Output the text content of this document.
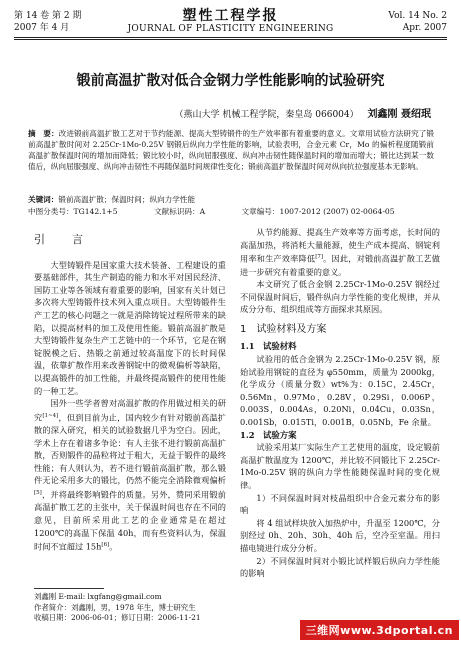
第 14 卷 第 2 期
2007 年 4 月
塑性工程学报
JOURNAL OF PLASTICITY ENGINEERING
Vol. 14 No. 2
Apr. 2007
锻前高温扩散对低合金钢力学性能影响的试验研究
（燕山大学 机械工程学院，秦皇岛 066004） 刘鑫刚 聂绍珉
摘　要：改进锻前高温扩散工艺对于节约能源、提高大型铸锻件的生产效率都有着重要的意义。文章用试验方法研究了锻前高温扩散时间对 2.25Cr-1Mo-0.25V 钢锻后纵向力学性能的影响，试验表明，合金元素 Cr，Mo 的偏析程度随锻前高温扩散保温时间的增加而降低；锻比较小时，纵向屈服强度、纵向冲击韧性随保温时间的增加而增大；锻比达到某一数值后，纵向屈服强度、纵向冲击韧性不再随保温时间规律性变化；锻前高温扩散保温时间对纵向抗拉强度基本无影响。
关键词：锻前高温扩散；保温时间；纵向力学性能
中图分类号：TG142.1+5	文献标识码：A	文章编号：1007-2012 (2007) 02-0064-05
引　言

大型铸锻件是国家重大技术装备、工程建设的重要基础部件，其生产制造的能力和水平对国民经济、国防工业等各领域有着重要的影响，国家有关计划已多次将大型铸锻件技术列入重点项目。大型铸锻件生产工艺的核心问题之一就是消除铸锭过程所带来的缺陷，以提高材料的加工及使用性能。锻前高温扩散是大型铸锻件复杂生产工艺链中的一个环节，它是在钢锭脱模之后、热锻之前通过较高温度下的长时间保温，依靠扩散作用来改善钢锭中的微观偏析等缺陷，以提高锻件的加工性能，并最终提高锻件的使用性能的一种工艺。

国外一些学者曾对高温扩散的作用做过相关的研究[1~4]，但到目前为止，国内较少有针对锻前高温扩散的深入研究，相关的试验数据几乎为空白。因此，学术上存在着诸多争论：有人主张不进行锻前高温扩散，否则锻件的晶粒将过于粗大，无益于锻件的最终性能；有人则认为，若不进行锻前高温扩散，那么锻件无论采用多大的锻比，仍然不能完全消除微观偏析[5]，并将最终影响锻件的质量。另外，赞同采用锻前高温扩散工艺的主张中，关于保温时间也存在不同的意见，目前所采用此工艺的企业通常是在超过 1200℃的高温下保温 40h，而有些资料认为，保温时间不宜超过 15h[6]。

从节约能源、提高生产效率等方面考虑，长时间的高温加热，将消耗大量能源，使生产成本提高、钢锭利用率和生产效率降低[7]。因此，对锻前高温扩散工艺做进一步研究有着重要的意义。

本文研究了低合金钢 2.25Cr-1Mo-0.25V 钢经过不同保温时间后，锻件纵向力学性能的变化规律，并从成分分布、组织组成等方面探求其原因。

1　试验材料及方案
1.1　试验材料

试验用的低合金钢为 2.25Cr-1Mo-0.25V 钢，原始试验用钢锭的直径为 φ550mm，质量为 2000kg，化学成分（质量分数）wt%为：0.15C，2.45Cr，0.56Mn，0.97Mo，0.28V，0.29Si，0.006P，0.003S，0.004As，0.20Ni，0.04Cu，0.03Sn，0.001Sb，0.015Ti，0.001B，0.05Nb，Fe 余量。

1.2　试验方案

试验采用某厂实际生产工艺使用的温度，设定锻前高温扩散温度为 1200℃，并比较不同锻比下 2.25Cr-1Mo-0.25V 钢的纵向力学性能随保温时间的变化规律。

1）不同保温时间对枝晶组织中合金元素分布的影响

将 4 组试样块放入加热炉中，升温至 1200℃，分别经过 0h、20h、30h、40h 后，空冷至室温。用扫描电镜进行成分分析。

2）不同保温时间对小锻比试样锻后纵向力学性能的影响

刘鑫刚 E-mail: lxgfang@gmail.com
作者简介：刘鑫刚，男，1978 年生，博士研究生
收稿日期：2006-06-01；修订日期：2006-11-21
三维网www.3dportal.cn
